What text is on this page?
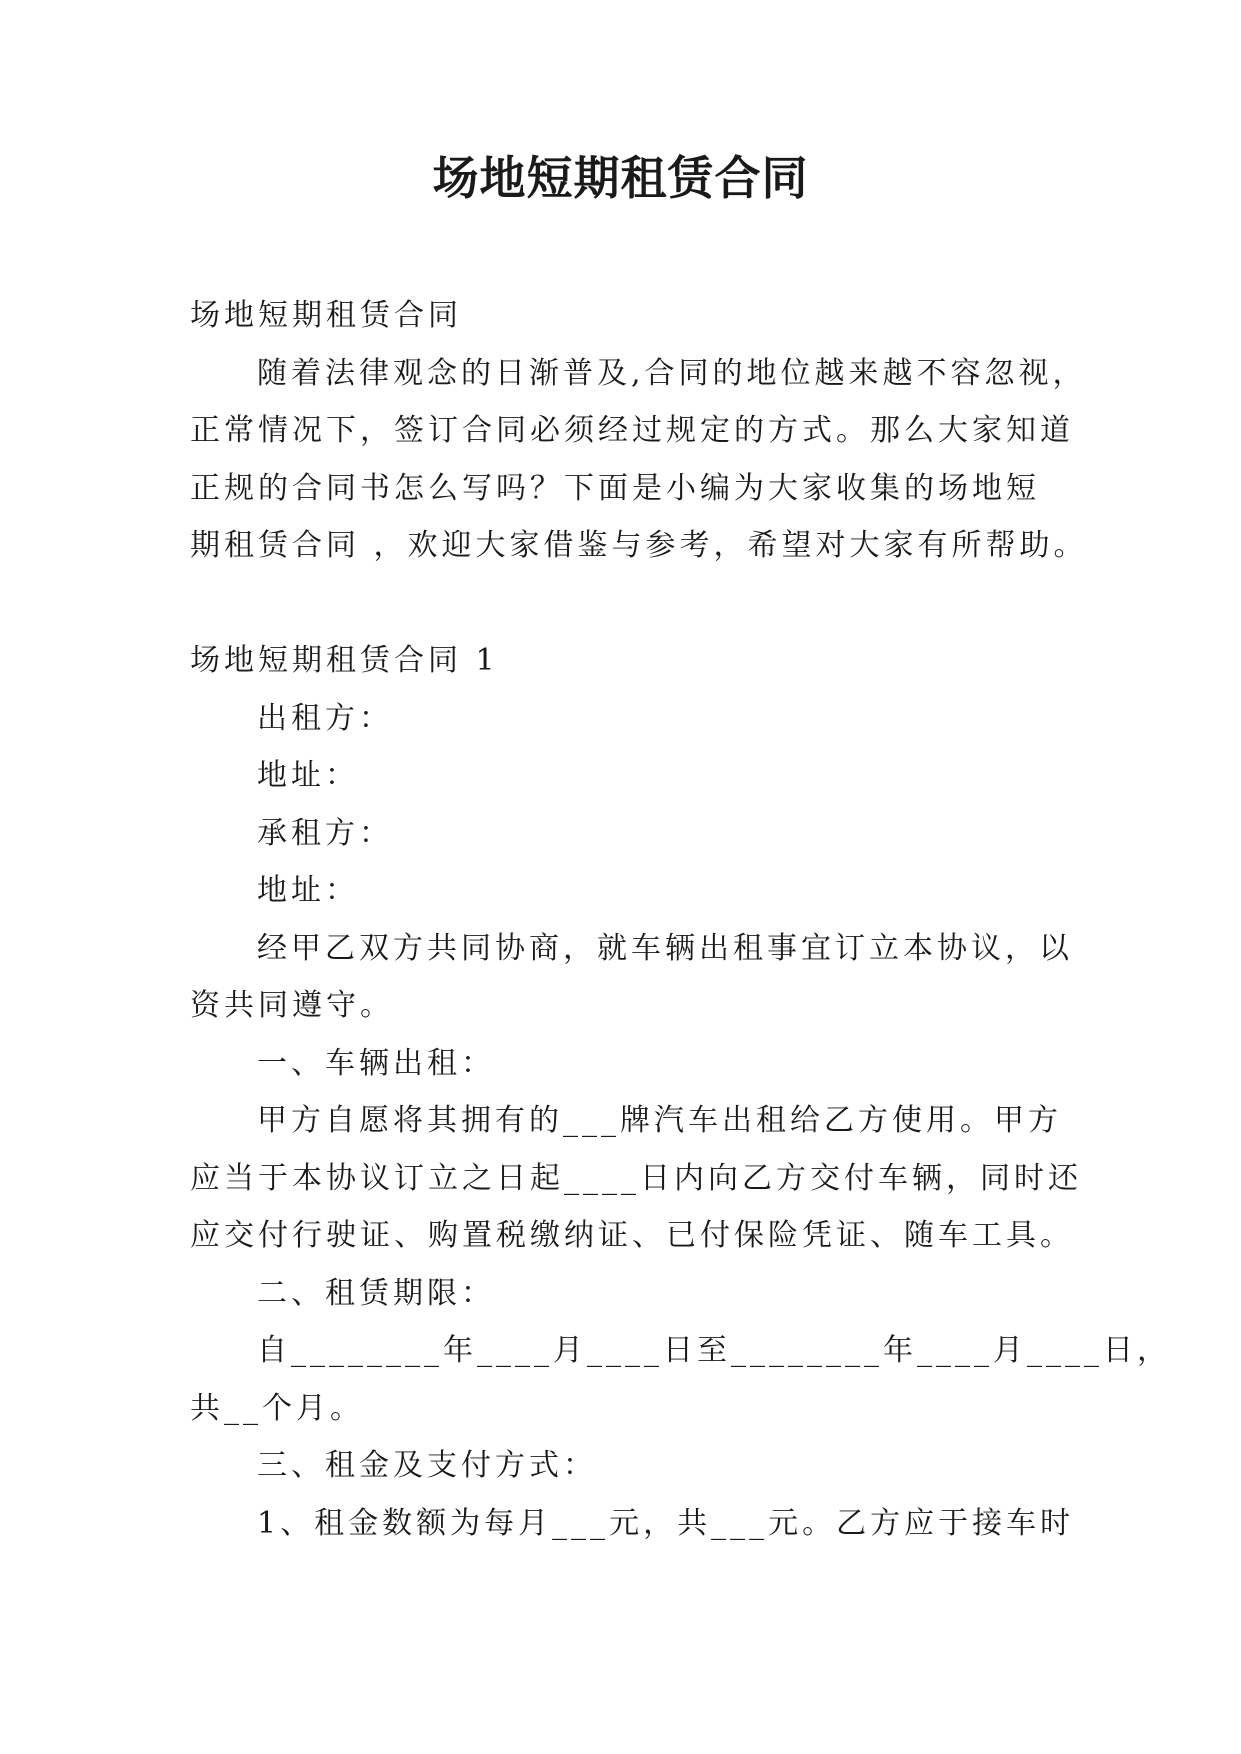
场地短期租赁合同

场地短期租赁合同

随着法律观念的日渐普及,合同的地位越来越不容忽视，

正常情况下，签订合同必须经过规定的方式。那么大家知道

正规的合同书怎么写吗？下面是小编为大家收集的场地短

期租赁合同 ，欢迎大家借鉴与参考，希望对大家有所帮助。

场地短期租赁合同 1

出租方：

地址：

承租方：

地址：

经甲乙双方共同协商，就车辆出租事宜订立本协议，以

资共同遵守。

一、车辆出租：

甲方自愿将其拥有的___牌汽车出租给乙方使用。甲方

应当于本协议订立之日起____日内向乙方交付车辆，同时还

应交付行驶证、购置税缴纳证、已付保险凭证、随车工具。

二、租赁期限：

自________年____月____日至________年____月____日，

共__个月。

三、租金及支付方式：

1、租金数额为每月___元，共___元。乙方应于接车时
